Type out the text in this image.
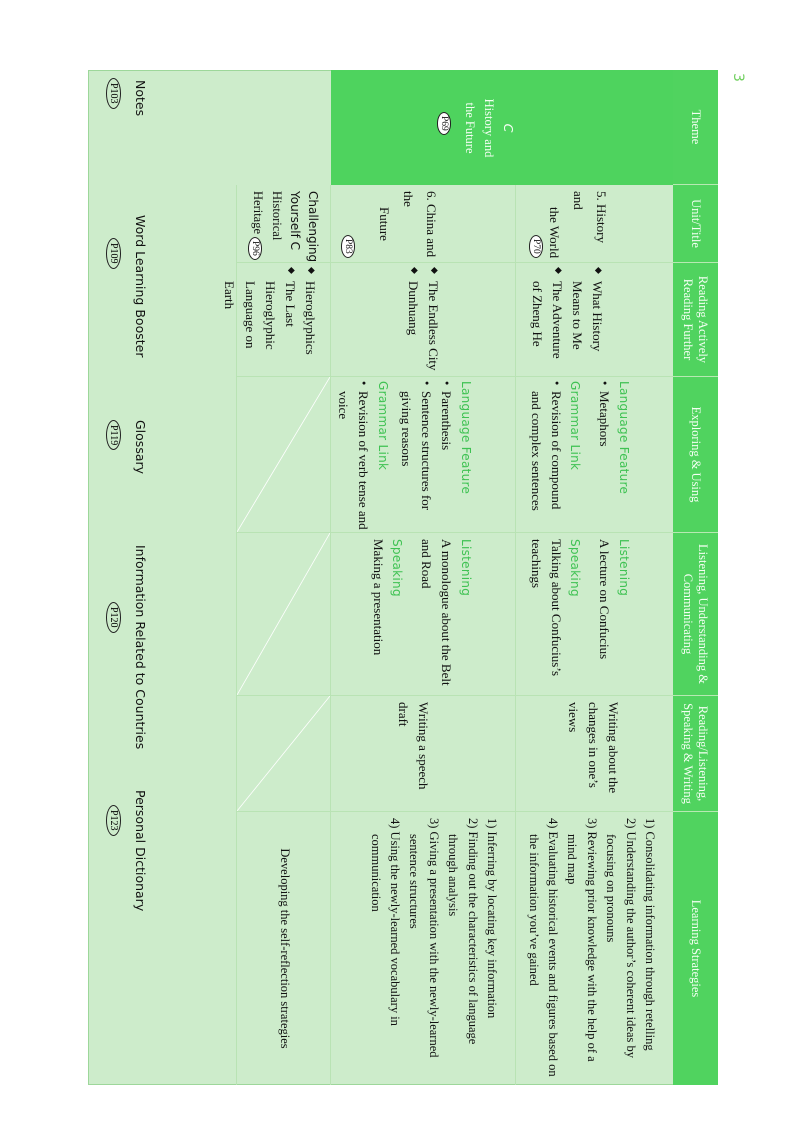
3
Theme
Unit/Title
Reading Actively
Reading Further
Exploring & Using
Listening, Understanding & Communicating
Reading/Listening,
Speaking & Writing
Learning Strategies
C
History and
the Future
P69
5. History and
the World
P70
◆ What History Means to Me
◆ The Adventure of Zheng He
Language Feature
● Metaphors
Grammar Link
● Revision of compound and complex sentences
Listening
A lecture on Confucius
Speaking
Talking about Confucius’s teachings
Writing about the changes in one’s views
1) Consolidating information through retelling
2) Understanding the author’s coherent ideas by focusing on pronouns
3) Reviewing prior knowledge with the help of a mind map
4) Evaluating historical events and figures based on the information you’ve gained
6. China and the
Future
P83
◆ The Endless City
◆ Dunhuang
Language Feature
● Parenthesis
● Sentence structures for giving reasons
Grammar Link
● Revision of verb tense and voice
Listening
A monologue about the Belt and Road
Speaking
Making a presentation
Writing a speech draft
1) Inferring by locating key information
2) Finding out the characteristics of language through analysis
3) Giving a presentation with the newly-learned sentence structures
4) Using the newly-learned vocabulary in communication
Challenging
Yourself C
Historical
Heritage
P96
◆ Hieroglyphics
◆ The Last Hieroglyphic Language on Earth
Developing the self-reflection strategies
Notes
P103
Word Learning Booster
P109
Glossary
P119
Information Related to Countries
P120
Personal Dictionary
P123
